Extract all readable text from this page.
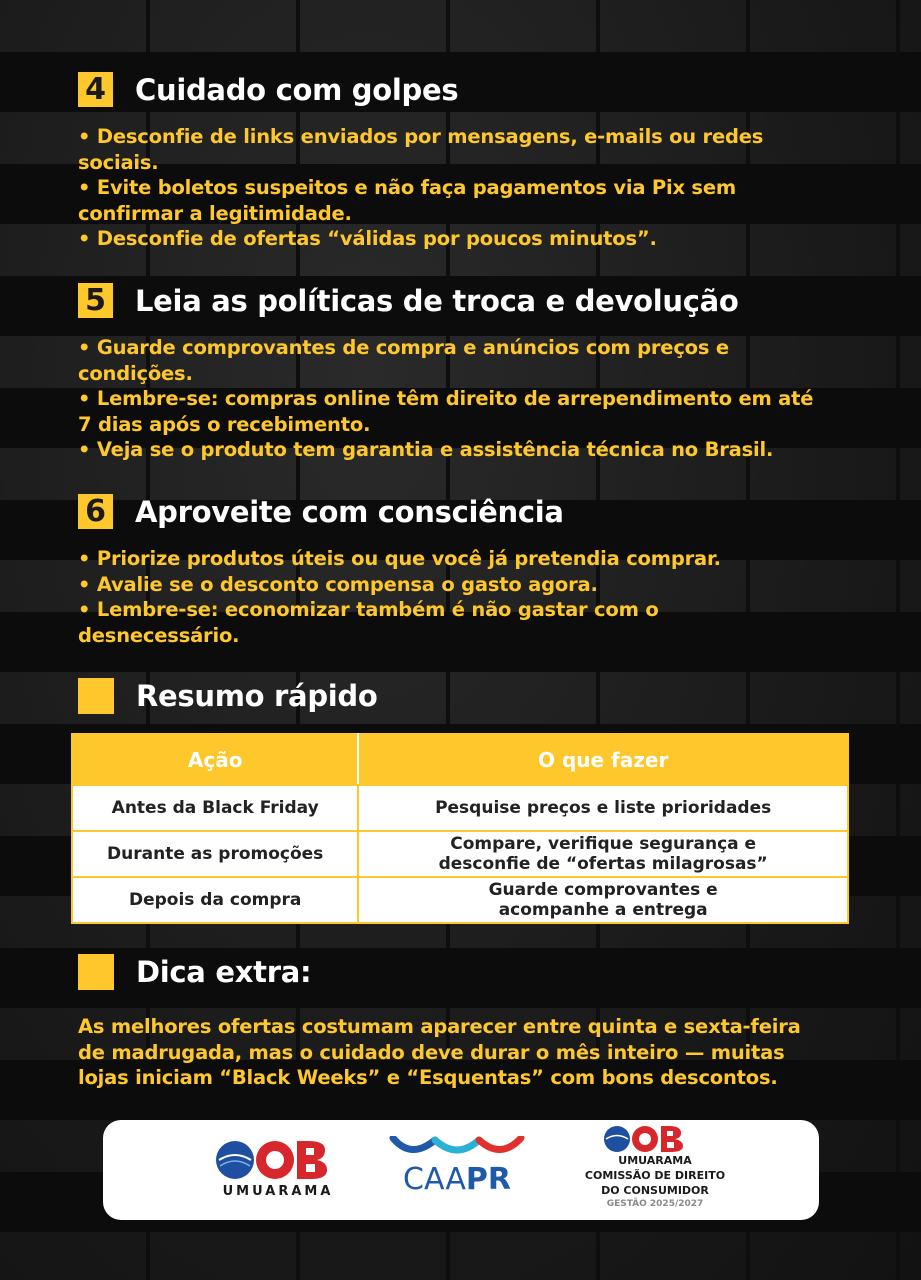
4 Cuidado com golpes
• Desconfie de links enviados por mensagens, e-mails ou redes
sociais.
• Evite boletos suspeitos e não faça pagamentos via Pix sem
confirmar a legitimidade.
• Desconfie de ofertas “válidas por poucos minutos”.
5 Leia as políticas de troca e devolução
• Guarde comprovantes de compra e anúncios com preços e
condições.
• Lembre-se: compras online têm direito de arrependimento em até
7 dias após o recebimento.
• Veja se o produto tem garantia e assistência técnica no Brasil.
6 Aproveite com consciência
• Priorize produtos úteis ou que você já pretendia comprar.
• Avalie se o desconto compensa o gasto agora.
• Lembre-se: economizar também é não gastar com o
desnecessário.
Resumo rápido
Ação	O que fazer
Antes da Black Friday	Pesquise preços e liste prioridades
Durante as promoções	Compare, verifique segurança e
desconfie de “ofertas milagrosas”

Depois da compra	Guarde comprovantes e
acompanhe a entrega
Dica extra:
As melhores ofertas costumam aparecer entre quinta e sexta-feira
de madrugada, mas o cuidado deve durar o mês inteiro — muitas
lojas iniciam “Black Weeks” e “Esquentas” com bons descontos.
UMUARAMA	CAAPR
UMUARAMA
COMISSÃO DE DIREITO
DO CONSUMIDOR
GESTÃO 2025/2027
